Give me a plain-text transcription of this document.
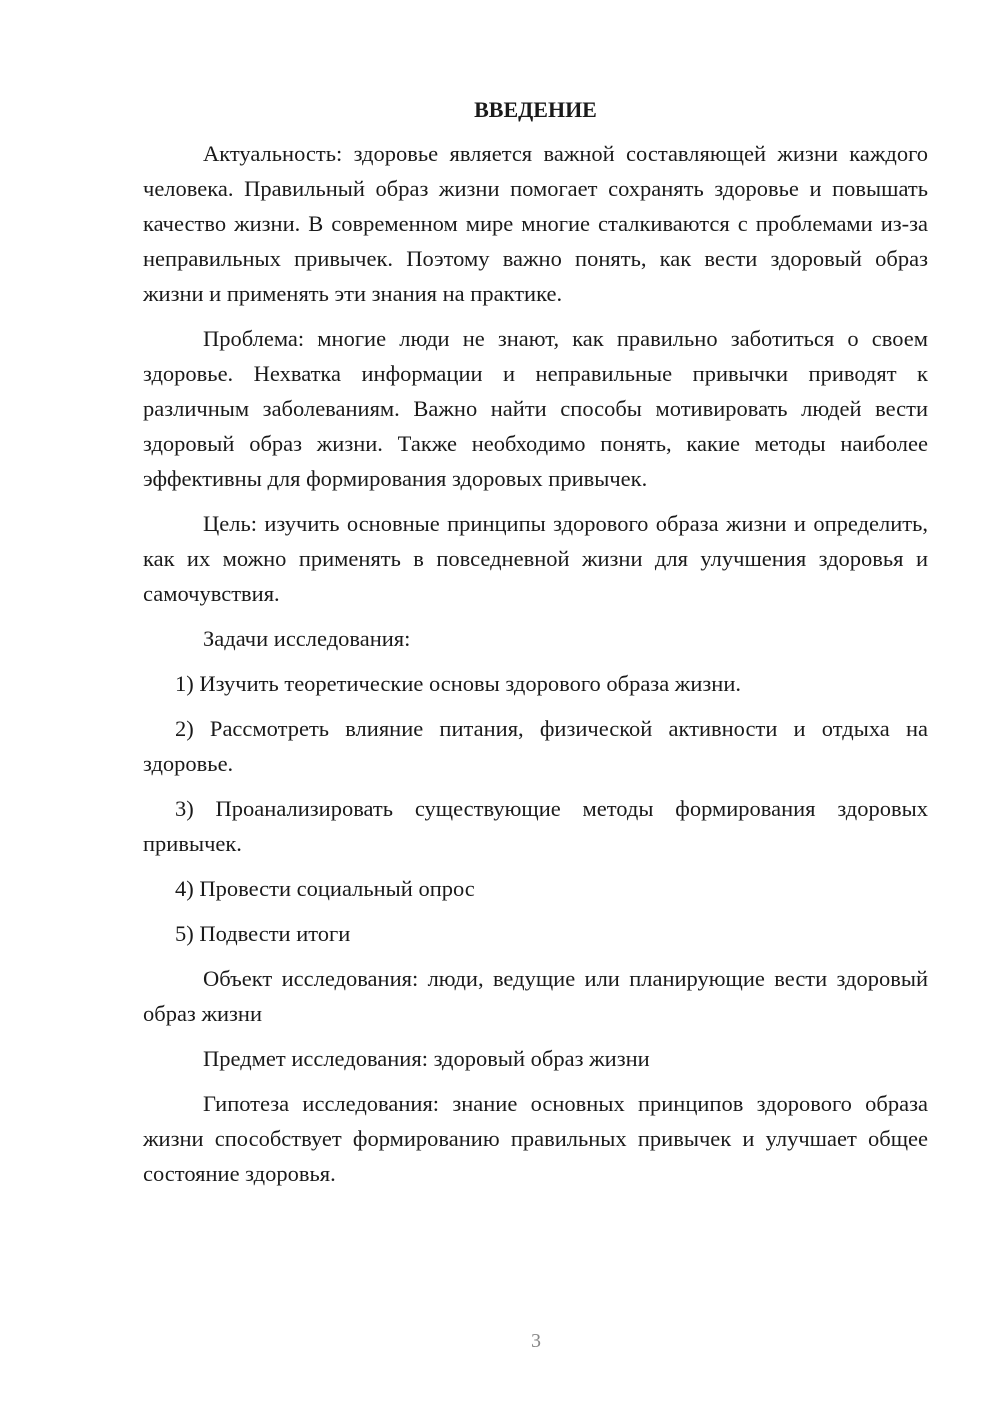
ВВЕДЕНИЕ

Актуальность: здоровье является важной составляющей жизни каждого человека. Правильный образ жизни помогает сохранять здоровье и повышать качество жизни. В современном мире многие сталкиваются с проблемами из-за неправильных привычек. Поэтому важно понять, как вести здоровый образ жизни и применять эти знания на практике.

Проблема: многие люди не знают, как правильно заботиться о своем здоровье. Нехватка информации и неправильные привычки приводят к различным заболеваниям. Важно найти способы мотивировать людей вести здоровый образ жизни. Также необходимо понять, какие методы наиболее эффективны для формирования здоровых привычек.

Цель: изучить основные принципы здорового образа жизни и определить, как их можно применять в повседневной жизни для улучшения здоровья и самочувствия.

Задачи исследования:

1) Изучить теоретические основы здорового образа жизни.

2) Рассмотреть влияние питания, физической активности и отдыха на здоровье.

3) Проанализировать существующие методы формирования здоровых привычек.

4) Провести социальный опрос

5) Подвести итоги

Объект исследования: люди, ведущие или планирующие вести здоровый образ жизни

Предмет исследования: здоровый образ жизни

Гипотеза исследования: знание основных принципов здорового образа жизни способствует формированию правильных привычек и улучшает общее состояние здоровья.

3
